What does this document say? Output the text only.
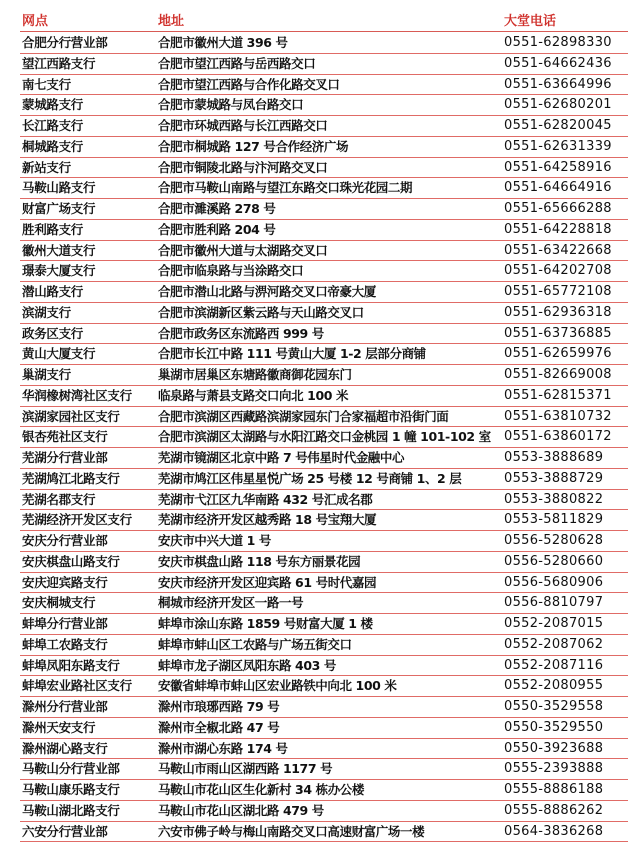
网点	地址	大堂电话
合肥分行营业部	合肥市徽州大道 396 号	0551-62898330
望江西路支行	合肥市望江西路与岳西路交口	0551-64662436
南七支行	合肥市望江西路与合作化路交叉口	0551-63664996
蒙城路支行	合肥市蒙城路与凤台路交口	0551-62680201
长江路支行	合肥市环城西路与长江西路交口	0551-62820045
桐城路支行	合肥市桐城路 127 号合作经济广场	0551-62631339
新站支行	合肥市铜陵北路与汴河路交叉口	0551-64258916
马鞍山路支行	合肥市马鞍山南路与望江东路交口珠光花园二期	0551-64664916
财富广场支行	合肥市濉溪路 278 号	0551-65666288
胜利路支行	合肥市胜利路 204 号	0551-64228818
徽州大道支行	合肥市徽州大道与太湖路交叉口	0551-63422668
璟泰大厦支行	合肥市临泉路与当涂路交口	0551-64202708
潜山路支行	合肥市潜山北路与淠河路交叉口帝豪大厦	0551-65772108
滨湖支行	合肥市滨湖新区紫云路与天山路交叉口	0551-62936318
政务区支行	合肥市政务区东流路西 999 号	0551-63736885
黄山大厦支行	合肥市长江中路 111 号黄山大厦 1-2 层部分商铺	0551-62659976
巢湖支行	巢湖市居巢区东塘路徽商御花园东门	0551-82669008
华润橡树湾社区支行	临泉路与萧县支路交口向北 100 米	0551-62815371
滨湖家园社区支行	合肥市滨湖区西藏路滨湖家园东门合家福超市沿街门面	0551-63810732
银杏苑社区支行	合肥市滨湖区太湖路与水阳江路交口金桃园 1 幢 101-102 室	0551-63860172
芜湖分行营业部	芜湖市镜湖区北京中路 7 号伟星时代金融中心	0553-3888689
芜湖鸠江北路支行	芜湖市鸠江区伟星星悦广场 25 号楼 12 号商铺 1、2 层	0553-3888729
芜湖名郡支行	芜湖市弋江区九华南路 432 号汇成名郡	0553-3880822
芜湖经济开发区支行	芜湖市经济开发区越秀路 18 号宝翔大厦	0553-5811829
安庆分行营业部	安庆市中兴大道 1 号	0556-5280628
安庆棋盘山路支行	安庆市棋盘山路 118 号东方丽景花园	0556-5280660
安庆迎宾路支行	安庆市经济开发区迎宾路 61 号时代嘉园	0556-5680906
安庆桐城支行	桐城市经济开发区一路一号	0556-8810797
蚌埠分行营业部	蚌埠市涂山东路 1859 号财富大厦 1 楼	0552-2087015
蚌埠工农路支行	蚌埠市蚌山区工农路与广场五街交口	0552-2087062
蚌埠凤阳东路支行	蚌埠市龙子湖区凤阳东路 403 号	0552-2087116
蚌埠宏业路社区支行	安徽省蚌埠市蚌山区宏业路铁中向北 100 米	0552-2080955
滁州分行营业部	滁州市琅琊西路 79 号	0550-3529558
滁州天安支行	滁州市全椒北路 47 号	0550-3529550
滁州湖心路支行	滁州市湖心东路 174 号	0550-3923688
马鞍山分行营业部	马鞍山市雨山区湖西路 1177 号	0555-2393888
马鞍山康乐路支行	马鞍山市花山区生化新村 34 栋办公楼	0555-8886188
马鞍山湖北路支行	马鞍山市花山区湖北路 479 号	0555-8886262
六安分行营业部	六安市佛子岭与梅山南路交叉口高速财富广场一楼	0564-3836268
